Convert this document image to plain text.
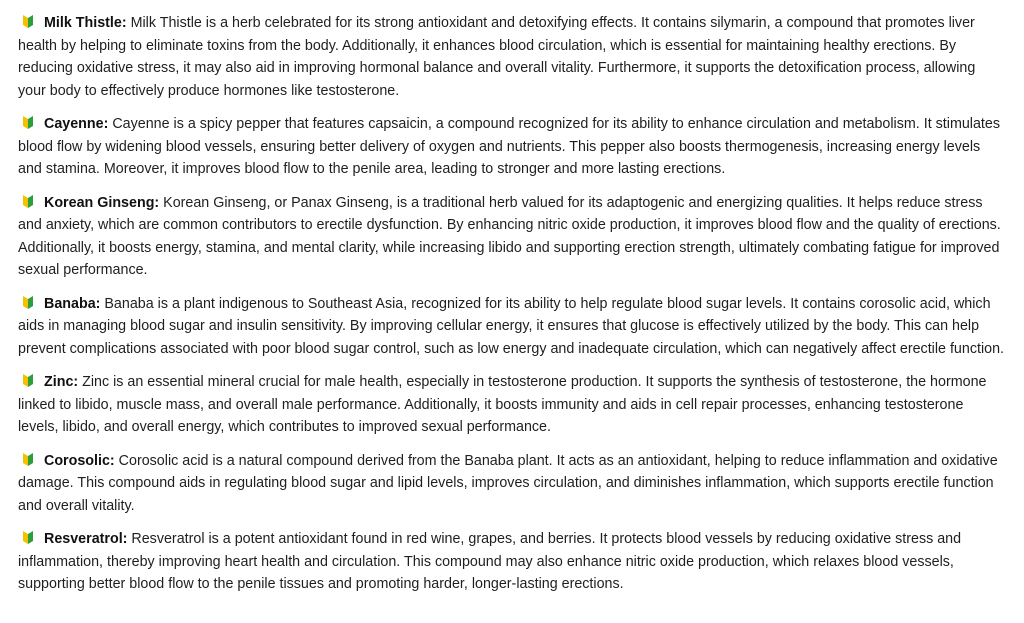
Milk Thistle: Milk Thistle is a herb celebrated for its strong antioxidant and detoxifying effects. It contains silymarin, a compound that promotes liver health by helping to eliminate toxins from the body. Additionally, it enhances blood circulation, which is essential for maintaining healthy erections. By reducing oxidative stress, it may also aid in improving hormonal balance and overall vitality. Furthermore, it supports the detoxification process, allowing your body to effectively produce hormones like testosterone.

Cayenne: Cayenne is a spicy pepper that features capsaicin, a compound recognized for its ability to enhance circulation and metabolism. It stimulates blood flow by widening blood vessels, ensuring better delivery of oxygen and nutrients. This pepper also boosts thermogenesis, increasing energy levels and stamina. Moreover, it improves blood flow to the penile area, leading to stronger and more lasting erections.

Korean Ginseng: Korean Ginseng, or Panax Ginseng, is a traditional herb valued for its adaptogenic and energizing qualities. It helps reduce stress and anxiety, which are common contributors to erectile dysfunction. By enhancing nitric oxide production, it improves blood flow and the quality of erections. Additionally, it boosts energy, stamina, and mental clarity, while increasing libido and supporting erection strength, ultimately combating fatigue for improved sexual performance.

Banaba: Banaba is a plant indigenous to Southeast Asia, recognized for its ability to help regulate blood sugar levels. It contains corosolic acid, which aids in managing blood sugar and insulin sensitivity. By improving cellular energy, it ensures that glucose is effectively utilized by the body. This can help prevent complications associated with poor blood sugar control, such as low energy and inadequate circulation, which can negatively affect erectile function.

Zinc: Zinc is an essential mineral crucial for male health, especially in testosterone production. It supports the synthesis of testosterone, the hormone linked to libido, muscle mass, and overall male performance. Additionally, it boosts immunity and aids in cell repair processes, enhancing testosterone levels, libido, and overall energy, which contributes to improved sexual performance.

Corosolic: Corosolic acid is a natural compound derived from the Banaba plant. It acts as an antioxidant, helping to reduce inflammation and oxidative damage. This compound aids in regulating blood sugar and lipid levels, improves circulation, and diminishes inflammation, which supports erectile function and overall vitality.

Resveratrol: Resveratrol is a potent antioxidant found in red wine, grapes, and berries. It protects blood vessels by reducing oxidative stress and inflammation, thereby improving heart health and circulation. This compound may also enhance nitric oxide production, which relaxes blood vessels, supporting better blood flow to the penile tissues and promoting harder, longer-lasting erections.
